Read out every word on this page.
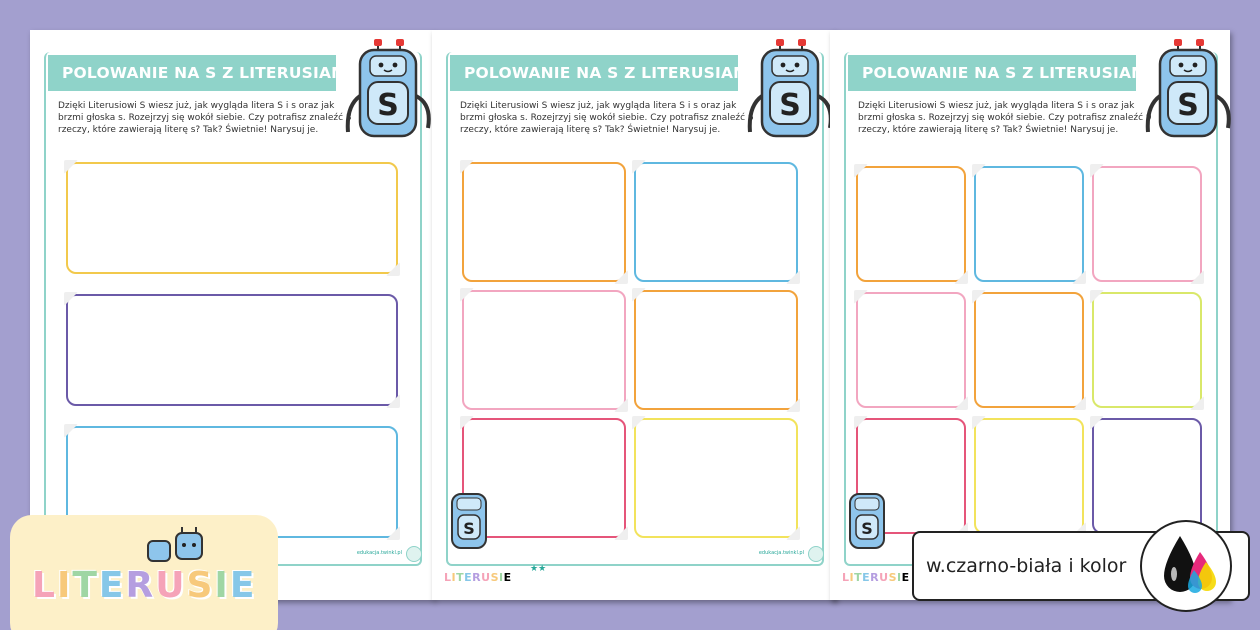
POLOWANIE NA S Z LITERUSIAMI
Dzięki Literusiowi S wiesz już, jak wygląda litera S i s oraz jak brzmi głoska s. Rozejrzyj się wokół siebie. Czy potrafisz znaleźć 3 rzeczy, które zawierają literę s? Tak? Świetnie! Narysuj je.
S
edukacja.twinkl.pl
POLOWANIE NA S Z LITERUSIAMI
Dzięki Literusiowi S wiesz już, jak wygląda litera S i s oraz jak brzmi głoska s. Rozejrzyj się wokół siebie. Czy potrafisz znaleźć 6 rzeczy, które zawierają literę s? Tak? Świetnie! Narysuj je.
S
S
LITERUSIE
★★
edukacja.twinkl.pl
POLOWANIE NA S Z LITERUSIAMI
Dzięki Literusiowi S wiesz już, jak wygląda litera S i s oraz jak brzmi głoska s. Rozejrzyj się wokół siebie. Czy potrafisz znaleźć 9 rzeczy, które zawierają literę s? Tak? Świetnie! Narysuj je.
S
S
LITERUSIE
L I T E R U S I E	w.czarno-biała i kolor
